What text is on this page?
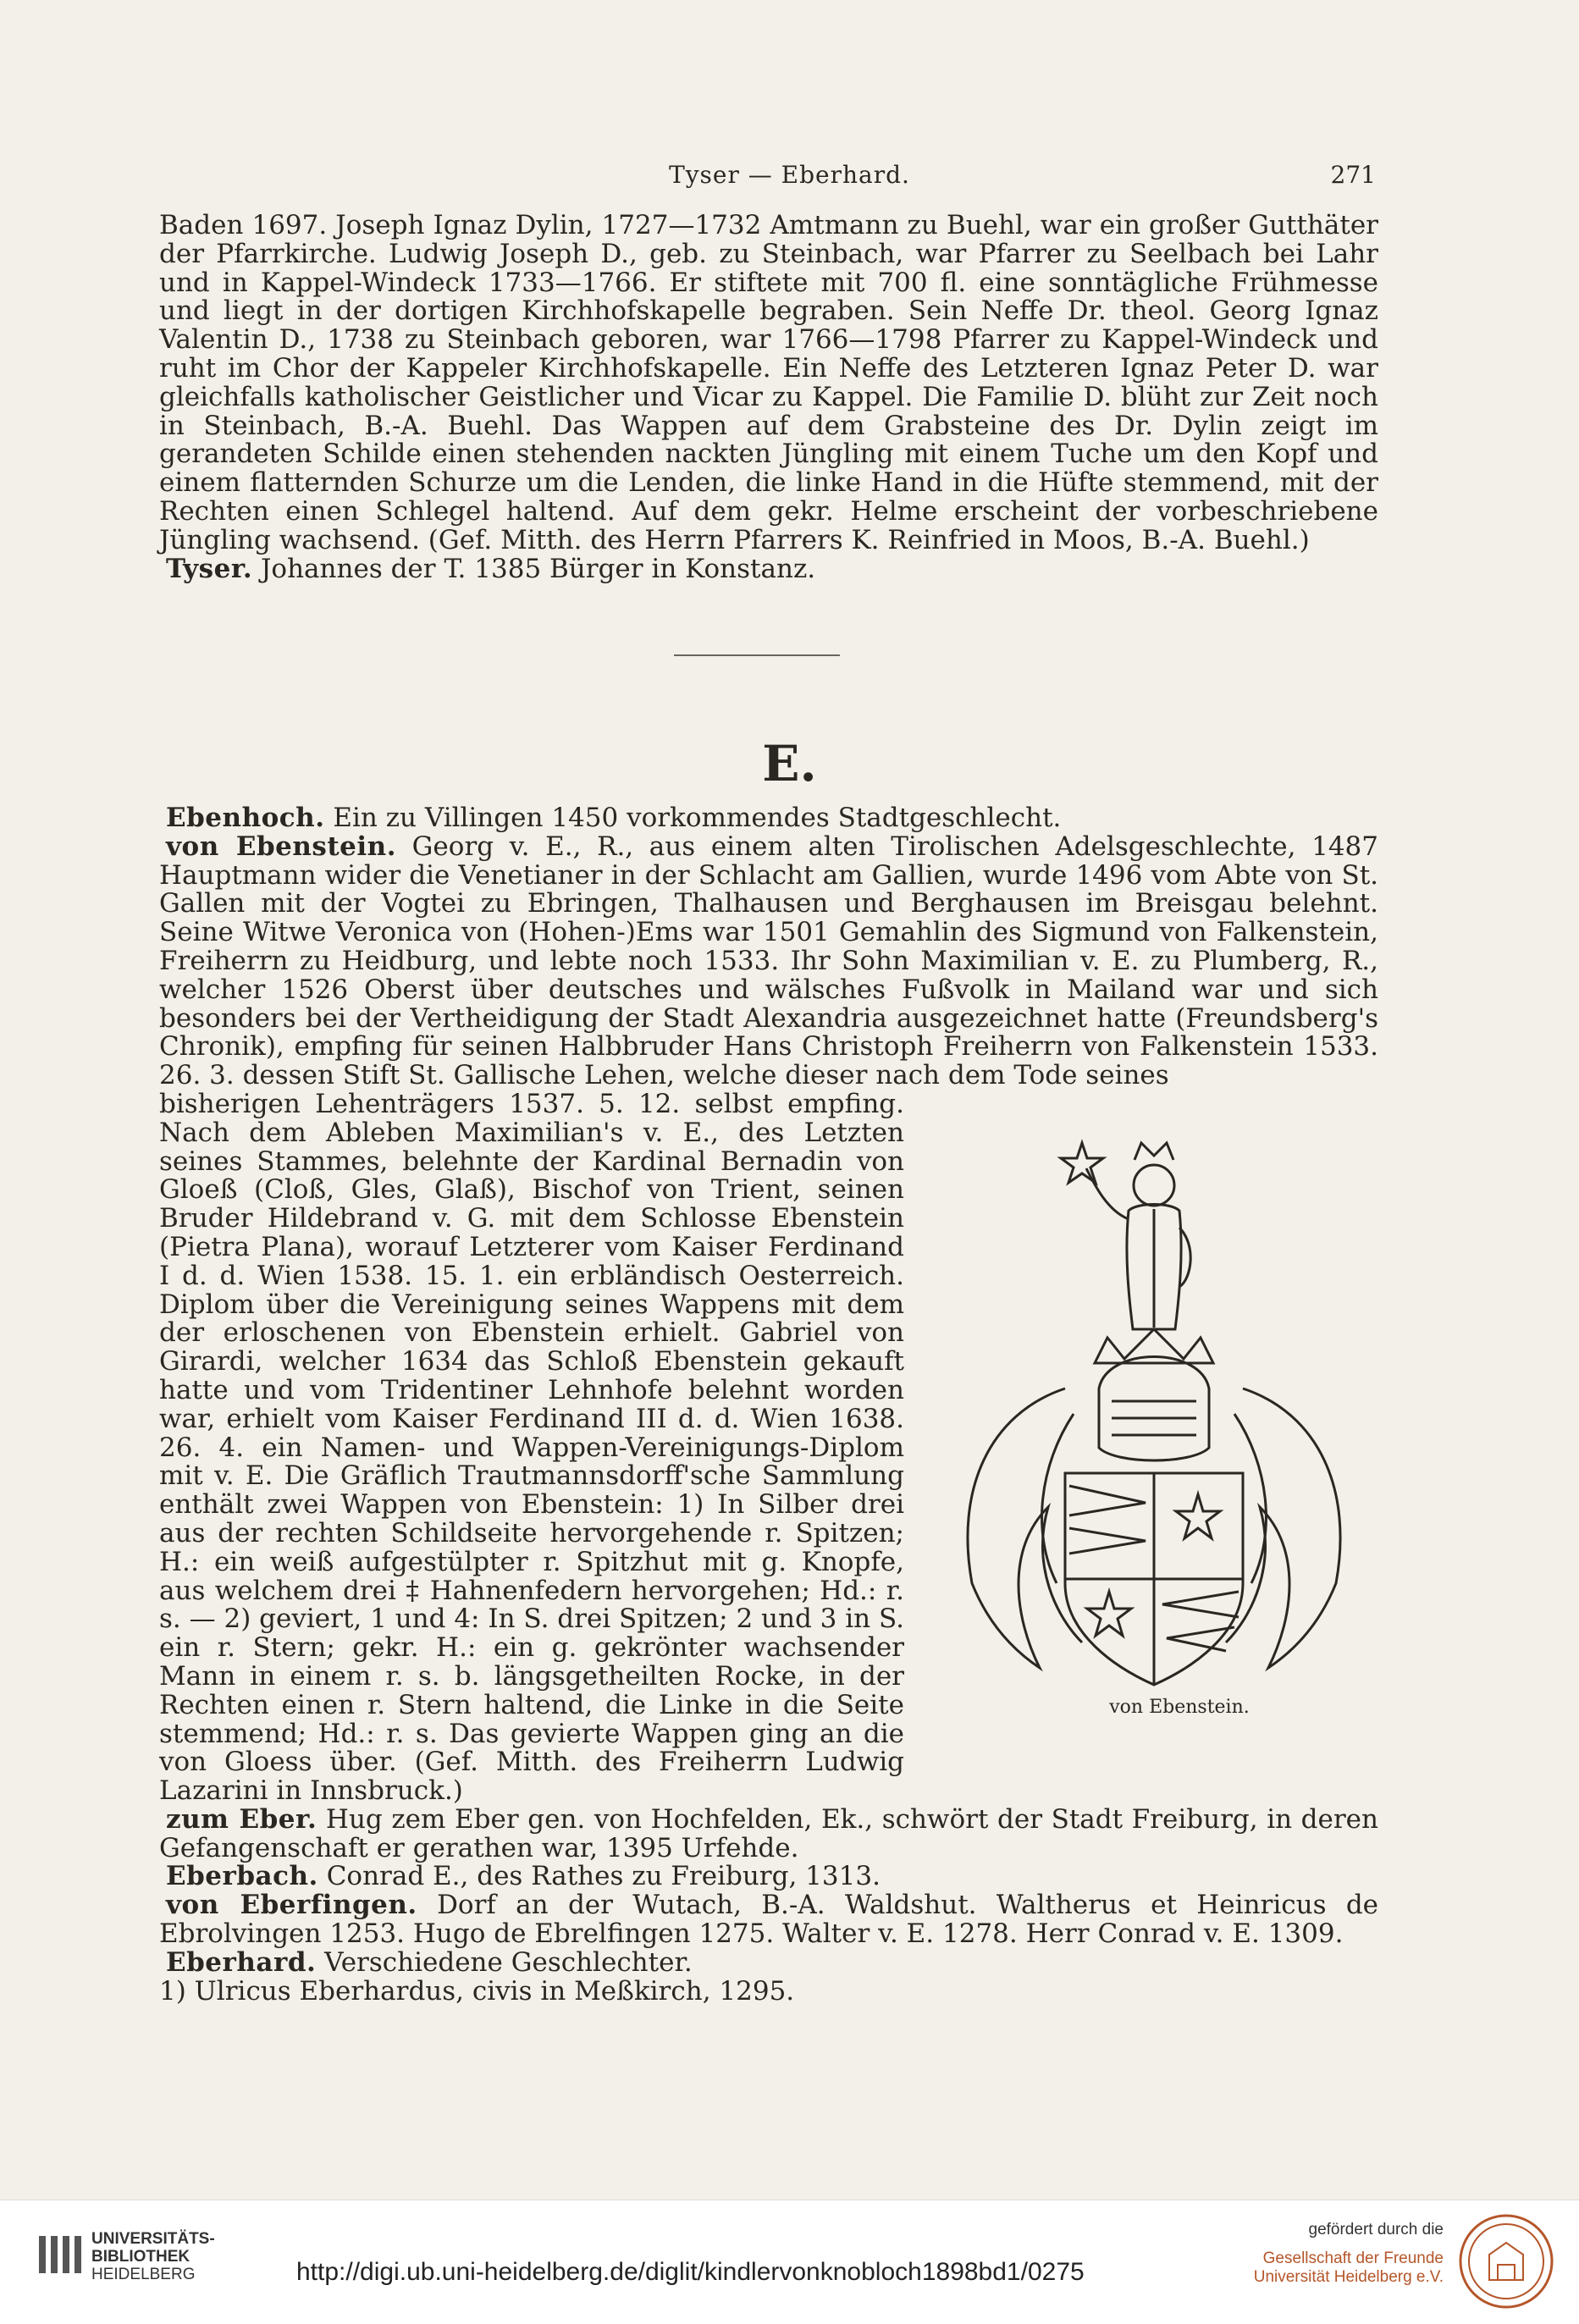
Tyser — Eberhard.	271

Baden 1697. Joseph Ignaz Dylin, 1727—1732 Amtmann zu Buehl, war ein großer Gutthäter der Pfarrkirche. Ludwig Joseph D., geb. zu Steinbach, war Pfarrer zu Seelbach bei Lahr und in Kappel-Windeck 1733—1766. Er stiftete mit 700 fl. eine sonntägliche Frühmesse und liegt in der dortigen Kirchhofskapelle begraben. Sein Neffe Dr. theol. Georg Ignaz Valentin D., 1738 zu Steinbach geboren, war 1766—1798 Pfarrer zu Kappel-Windeck und ruht im Chor der Kappeler Kirchhofskapelle. Ein Neffe des Letzteren Ignaz Peter D. war gleichfalls katholischer Geistlicher und Vicar zu Kappel. Die Familie D. blüht zur Zeit noch in Steinbach, B.-A. Buehl. Das Wappen auf dem Grabsteine des Dr. Dylin zeigt im gerandeten Schilde einen stehenden nackten Jüngling mit einem Tuche um den Kopf und einem flatternden Schurze um die Lenden, die linke Hand in die Hüfte stemmend, mit der Rechten einen Schlegel haltend. Auf dem gekr. Helme erscheint der vorbeschriebene Jüngling wachsend. (Gef. Mitth. des Herrn Pfarrers K. Reinfried in Moos, B.-A. Buehl.)

Tyser. Johannes der T. 1385 Bürger in Konstanz.

E.

Ebenhoch. Ein zu Villingen 1450 vorkommendes Stadtgeschlecht.

von Ebenstein. Georg v. E., R., aus einem alten Tirolischen Adelsgeschlechte, 1487 Hauptmann wider die Venetianer in der Schlacht am Gallien, wurde 1496 vom Abte von St. Gallen mit der Vogtei zu Ebringen, Thalhausen und Berghausen im Breisgau belehnt. Seine Witwe Veronica von (Hohen-)Ems war 1501 Gemahlin des Sigmund von Falkenstein, Freiherrn zu Heidburg, und lebte noch 1533. Ihr Sohn Maximilian v. E. zu Plumberg, R., welcher 1526 Oberst über deutsches und wälsches Fußvolk in Mailand war und sich besonders bei der Vertheidigung der Stadt Alexandria ausgezeichnet hatte (Freundsberg's Chronik), empfing für seinen Halbbruder Hans Christoph Freiherrn von Falkenstein 1533. 26. 3. dessen Stift St. Gallische Lehen, welche dieser nach dem Tode seines

bisherigen Lehenträgers 1537. 5. 12. selbst empfing. Nach dem Ableben Maximilian's v. E., des Letzten seines Stammes, belehnte der Kardinal Bernadin von Gloeß (Cloß, Gles, Glaß), Bischof von Trient, seinen Bruder Hildebrand v. G. mit dem Schlosse Ebenstein (Pietra Plana), worauf Letzterer vom Kaiser Ferdinand I d. d. Wien 1538. 15. 1. ein erbländisch Oesterreich. Diplom über die Vereinigung seines Wappens mit dem der erloschenen von Ebenstein erhielt. Gabriel von Girardi, welcher 1634 das Schloß Ebenstein gekauft hatte und vom Tridentiner Lehnhofe belehnt worden war, erhielt vom Kaiser Ferdinand III d. d. Wien 1638. 26. 4. ein Namen- und Wappen-Vereinigungs-Diplom mit v. E. Die Gräflich Trautmannsdorff'sche Sammlung enthält zwei Wappen von Ebenstein: 1) In Silber drei aus der rechten Schildseite hervorgehende r. Spitzen; H.: ein weiß aufgestülpter r. Spitzhut mit g. Knopfe, aus welchem drei ‡ Hahnenfedern hervorgehen; Hd.: r. s. — 2) geviert, 1 und 4: In S. drei Spitzen; 2 und 3 in S. ein r. Stern; gekr. H.: ein g. gekrönter wachsender Mann in einem r. s. b. längsgetheilten Rocke, in der Rechten einen r. Stern haltend, die Linke in die Seite stemmend; Hd.: r. s. Das gevierte Wappen ging an die von Gloess über. (Gef. Mitth. des Freiherrn Ludwig Lazarini in Innsbruck.)

zum Eber. Hug zem Eber gen. von Hochfelden, Ek., schwört der Stadt Freiburg, in deren Gefangenschaft er gerathen war, 1395 Urfehde.

Eberbach. Conrad E., des Rathes zu Freiburg, 1313.

von Eberfingen. Dorf an der Wutach, B.-A. Waldshut. Waltherus et Heinricus de Ebrolvingen 1253. Hugo de Ebrelfingen 1275. Walter v. E. 1278. Herr Conrad v. E. 1309.

Eberhard. Verschiedene Geschlechter.

1) Ulricus Eberhardus, civis in Meßkirch, 1295.

von Ebenstein.
UNIVERSITÄTS-
BIBLIOTHEK
HEIDELBERG	http://digi.ub.uni-heidelberg.de/diglit/kindlervonknobloch1898bd1/0275
gefördert durch die
Gesellschaft der Freunde
Universität Heidelberg e.V.
